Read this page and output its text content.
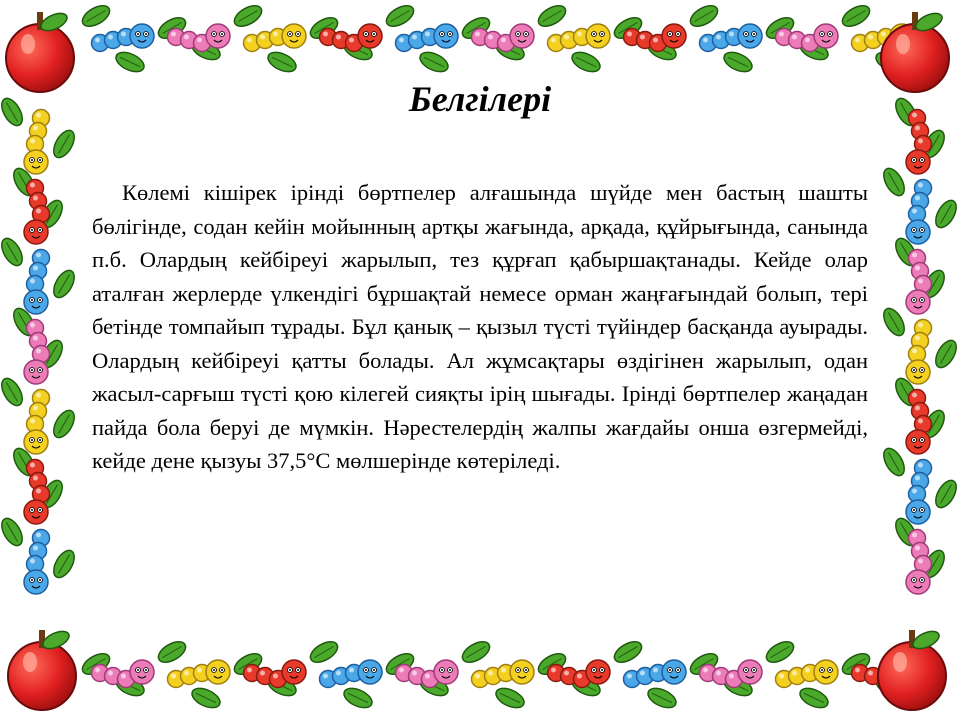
Белгілері

Көлемі кішірек ірінді бөртпелер алғашында шүйде мен бастың шашты бөлігінде, содан кейін мойынның артқы жағында, арқада, құйрығында, санында п.б. Олардың кейбіреуі жарылып, тез құрғап қабыршақтанады. Кейде олар аталған жерлерде үлкендігі бұршақтай немесе орман жаңғағындай болып, тері бетінде томпайып тұрады. Бұл қанық – қызыл түсті түйіндер басқанда ауырады. Олардың кейбіреуі қатты болады. Ал жұмсақтары өздігінен жарылып, одан жасыл-сарғыш түсті қою кілегей сияқты ірің шығады. Ірінді бөртпелер жаңадан пайда бола беруі де мүмкін. Нәрестелердің жалпы жағдайы онша өзгермейді, кейде дене қызуы 37,5°C мөлшерінде көтеріледі.
